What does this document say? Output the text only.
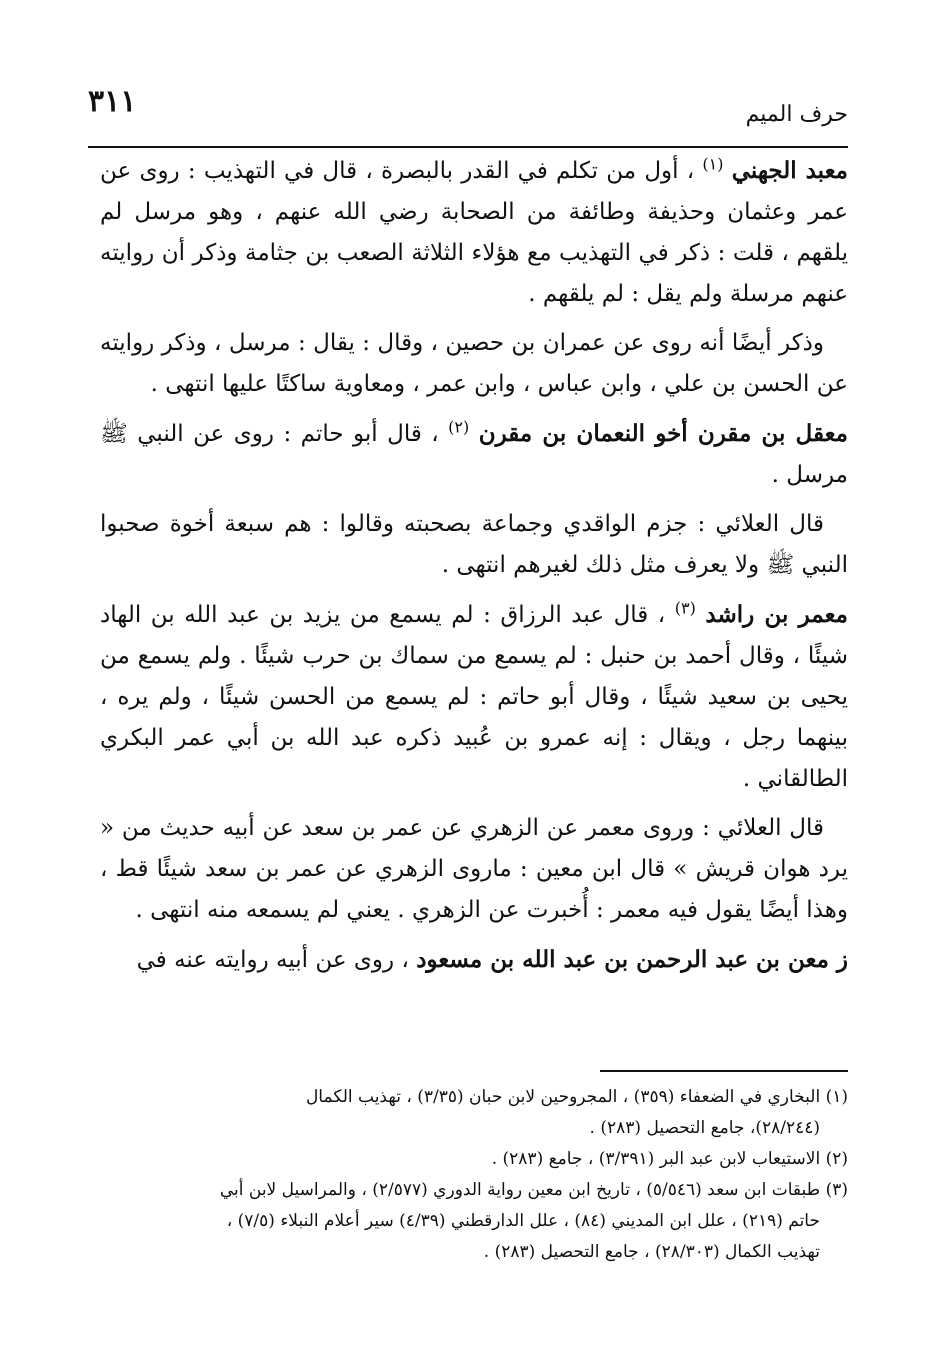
٣١١	حرف الميم

معبد الجهني $^{(١)}$ ، أول من تكلم في القدر بالبصرة ، قال في التهذيب : روى عن عمر وعثمان وحذيفة وطائفة من الصحابة رضي الله عنهم ، وهو مرسل لم يلقهم ، قلت : ذكر في التهذيب مع هؤلاء الثلاثة الصعب بن جثامة وذكر أن روايته عنهم مرسلة ولم يقل : لم يلقهم .

وذكر أيضًا أنه روى عن عمران بن حصين ، وقال : يقال : مرسل ، وذكر روايته عن الحسن بن علي ، وابن عباس ، وابن عمر ، ومعاوية ساكتًا عليها انتهى .

معقل بن مقرن أخو النعمان بن مقرن $^{(٢)}$ ، قال أبو حاتم : روى عن النبي ﷺ مرسل .

قال العلائي : جزم الواقدي وجماعة بصحبته وقالوا : هم سبعة أخوة صحبوا النبي ﷺ ولا يعرف مثل ذلك لغيرهم انتهى .

معمر بن راشد $^{(٣)}$ ، قال عبد الرزاق : لم يسمع من يزيد بن عبد الله بن الهاد شيئًا ، وقال أحمد بن حنبل : لم يسمع من سماك بن حرب شيئًا . ولم يسمع من يحيى بن سعيد شيئًا ، وقال أبو حاتم : لم يسمع من الحسن شيئًا ، ولم يره ، بينهما رجل ، ويقال : إنه عمرو بن عُبيد ذكره عبد الله بن أبي عمر البكري الطالقاني .

قال العلائي : وروى معمر عن الزهري عن عمر بن سعد عن أبيه حديث من « يرد هوان قريش » قال ابن معين : ماروى الزهري عن عمر بن سعد شيئًا قط ، وهذا أيضًا يقول فيه معمر : أُخبرت عن الزهري . يعني لم يسمعه منه انتهى .

ز معن بن عبد الرحمن بن عبد الله بن مسعود ، روى عن أبيه روايته عنه في

(١) البخاري في الضعفاء (٣٥٩) ، المجروحين لابن حبان (٣/٣٥) ، تهذيب الكمال

(٢٨/٢٤٤)، جامع التحصيل (٢٨٣) .

(٢) الاستيعاب لابن عبد البر (٣/٣٩١) ، جامع (٢٨٣) .

(٣) طبقات ابن سعد (٥/٥٤٦) ، تاريخ ابن معين رواية الدوري (٢/٥٧٧) ، والمراسيل لابن أبي

حاتم (٢١٩) ، علل ابن المديني (٨٤) ، علل الدارقطني (٤/٣٩) سير أعلام النبلاء (٧/٥) ،

تهذيب الكمال (٢٨/٣٠٣) ، جامع التحصيل (٢٨٣) .
